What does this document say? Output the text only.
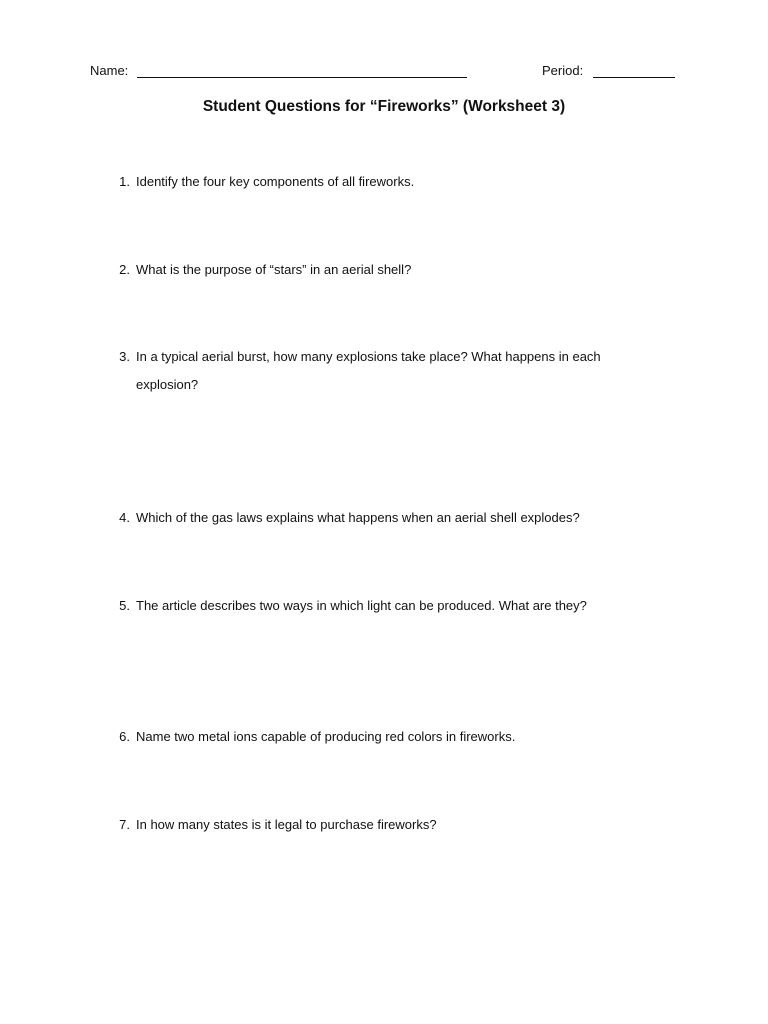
Name:	Period:
Student Questions for “Fireworks” (Worksheet 3)
1. Identify the four key components of all fireworks.
2. What is the purpose of “stars” in an aerial shell?
3. In a typical aerial burst, how many explosions take place? What happens in each explosion?
4. Which of the gas laws explains what happens when an aerial shell explodes?
5. The article describes two ways in which light can be produced. What are they?
6. Name two metal ions capable of producing red colors in fireworks.
7. In how many states is it legal to purchase fireworks?
